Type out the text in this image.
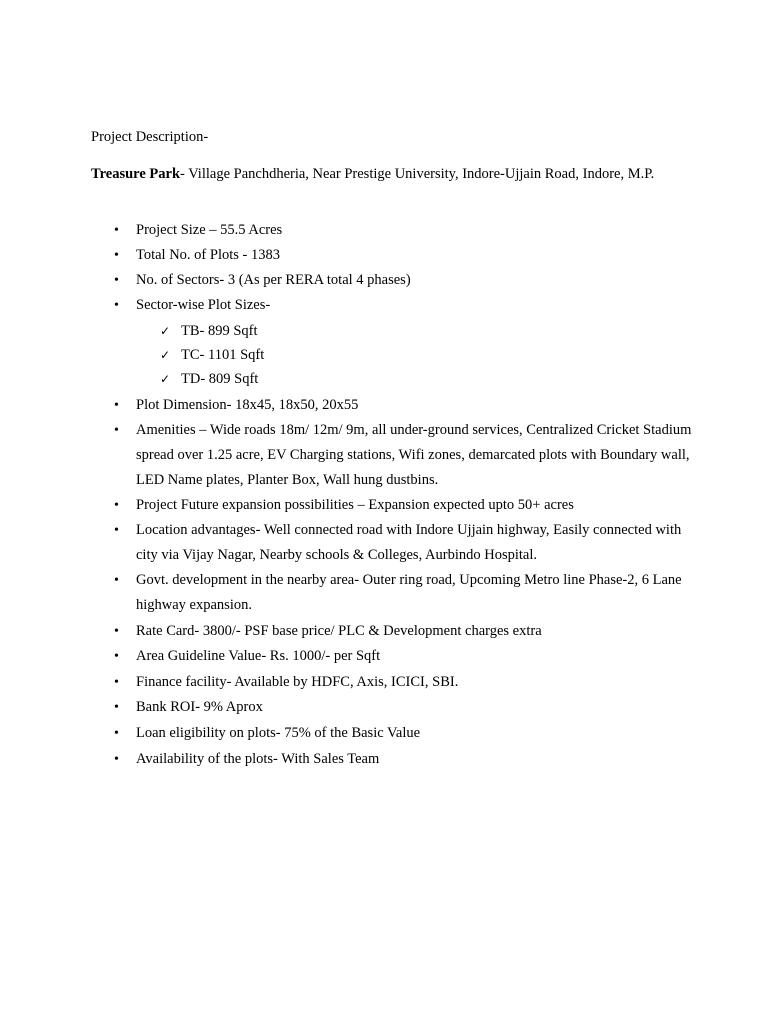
Project Description-
Treasure Park- Village Panchdheria, Near Prestige University, Indore-Ujjain Road, Indore, M.P.
•	Project Size – 55.5 Acres
•	Total No. of Plots - 1383
•	No. of Sectors- 3 (As per RERA total 4 phases)
•	Sector-wise Plot Sizes-
✓ TB- 899 Sqft
✓ TC- 1101 Sqft
✓ TD- 809 Sqft
•	Plot Dimension- 18x45, 18x50, 20x55
•	Amenities – Wide roads 18m/ 12m/ 9m, all under-ground services, Centralized Cricket Stadium spread over 1.25 acre, EV Charging stations, Wifi zones, demarcated plots with Boundary wall, LED Name plates, Planter Box, Wall hung dustbins.
•	Project Future expansion possibilities – Expansion expected upto 50+ acres
•	Location advantages- Well connected road with Indore Ujjain highway, Easily connected with city via Vijay Nagar, Nearby schools & Colleges, Aurbindo Hospital.
•	Govt. development in the nearby area- Outer ring road, Upcoming Metro line Phase-2, 6 Lane highway expansion.
•	Rate Card- 3800/- PSF base price/ PLC & Development charges extra
•	Area Guideline Value- Rs. 1000/- per Sqft
•	Finance facility- Available by HDFC, Axis, ICICI, SBI.
•	Bank ROI- 9% Aprox
•	Loan eligibility on plots- 75% of the Basic Value
•	Availability of the plots- With Sales Team
